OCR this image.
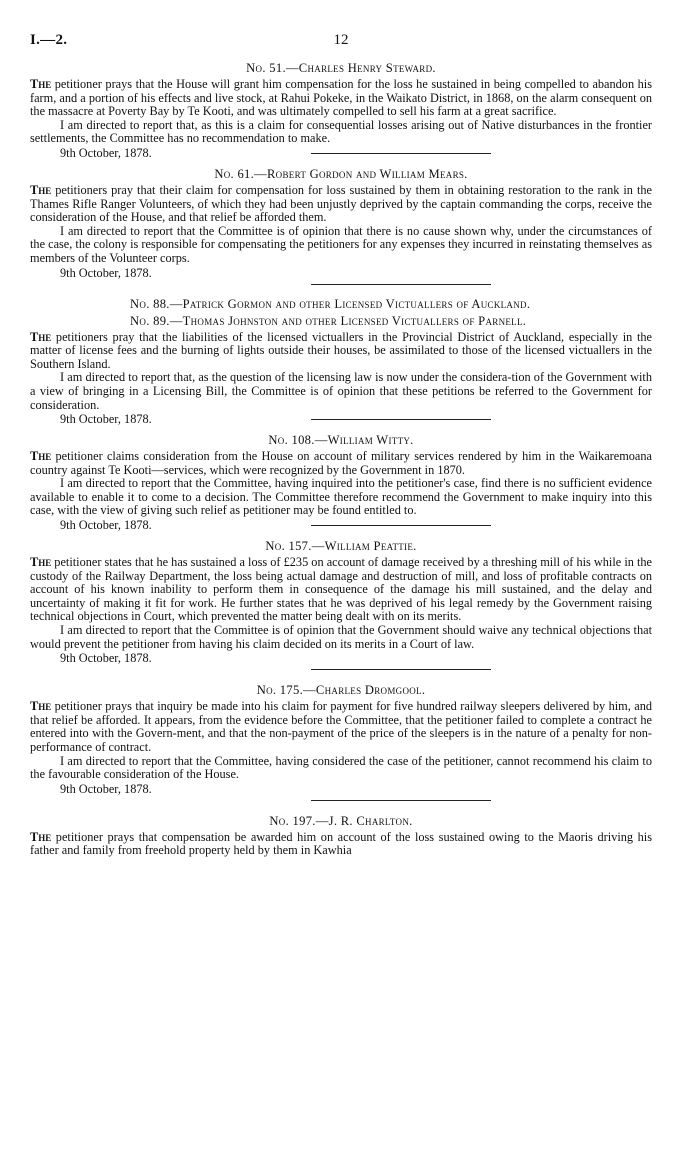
I.—2.	12
No. 51.—Charles Henry Steward.

The petitioner prays that the House will grant him compensation for the loss he sustained in being compelled to abandon his farm, and a portion of his effects and live stock, at Rahui Pokeke, in the Waikato District, in 1868, on the alarm consequent on the massacre at Poverty Bay by Te Kooti, and was ultimately compelled to sell his farm at a great sacrifice.

I am directed to report that, as this is a claim for consequential losses arising out of Native disturbances in the frontier settlements, the Committee has no recommendation to make.

9th October, 1878.

No. 61.—Robert Gordon and William Mears.

The petitioners pray that their claim for compensation for loss sustained by them in obtaining restoration to the rank in the Thames Rifle Ranger Volunteers, of which they had been unjustly deprived by the captain commanding the corps, receive the consideration of the House, and that relief be afforded them.

I am directed to report that the Committee is of opinion that there is no cause shown why, under the circumstances of the case, the colony is responsible for compensating the petitioners for any expenses they incurred in reinstating themselves as members of the Volunteer corps.

9th October, 1878.

No. 88.—Patrick Gormon and other Licensed Victuallers of Auckland.
No. 89.—Thomas Johnston and other Licensed Victuallers of Parnell.

The petitioners pray that the liabilities of the licensed victuallers in the Provincial District of Auckland, especially in the matter of license fees and the burning of lights outside their houses, be assimilated to those of the licensed victuallers in the Southern Island.

I am directed to report that, as the question of the licensing law is now under the considera-tion of the Government with a view of bringing in a Licensing Bill, the Committee is of opinion that these petitions be referred to the Government for consideration.

9th October, 1878.

No. 108.—William Witty.

The petitioner claims consideration from the House on account of military services rendered by him in the Waikaremoana country against Te Kooti—services, which were recognized by the Government in 1870.

I am directed to report that the Committee, having inquired into the petitioner's case, find there is no sufficient evidence available to enable it to come to a decision. The Committee therefore recommend the Government to make inquiry into this case, with the view of giving such relief as petitioner may be found entitled to.

9th October, 1878.

No. 157.—William Peattie.

The petitioner states that he has sustained a loss of £235 on account of damage received by a threshing mill of his while in the custody of the Railway Department, the loss being actual damage and destruction of mill, and loss of profitable contracts on account of his known inability to perform them in consequence of the damage his mill sustained, and the delay and uncertainty of making it fit for work. He further states that he was deprived of his legal remedy by the Government raising technical objections in Court, which prevented the matter being dealt with on its merits.

I am directed to report that the Committee is of opinion that the Government should waive any technical objections that would prevent the petitioner from having his claim decided on its merits in a Court of law.

9th October, 1878.

No. 175.—Charles Dromgool.

The petitioner prays that inquiry be made into his claim for payment for five hundred railway sleepers delivered by him, and that relief be afforded. It appears, from the evidence before the Committee, that the petitioner failed to complete a contract he entered into with the Govern-ment, and that the non-payment of the price of the sleepers is in the nature of a penalty for non-performance of contract.

I am directed to report that the Committee, having considered the case of the petitioner, cannot recommend his claim to the favourable consideration of the House.

9th October, 1878.

No. 197.—J. R. Charlton.

The petitioner prays that compensation be awarded him on account of the loss sustained owing to the Maoris driving his father and family from freehold property held by them in Kawhia
